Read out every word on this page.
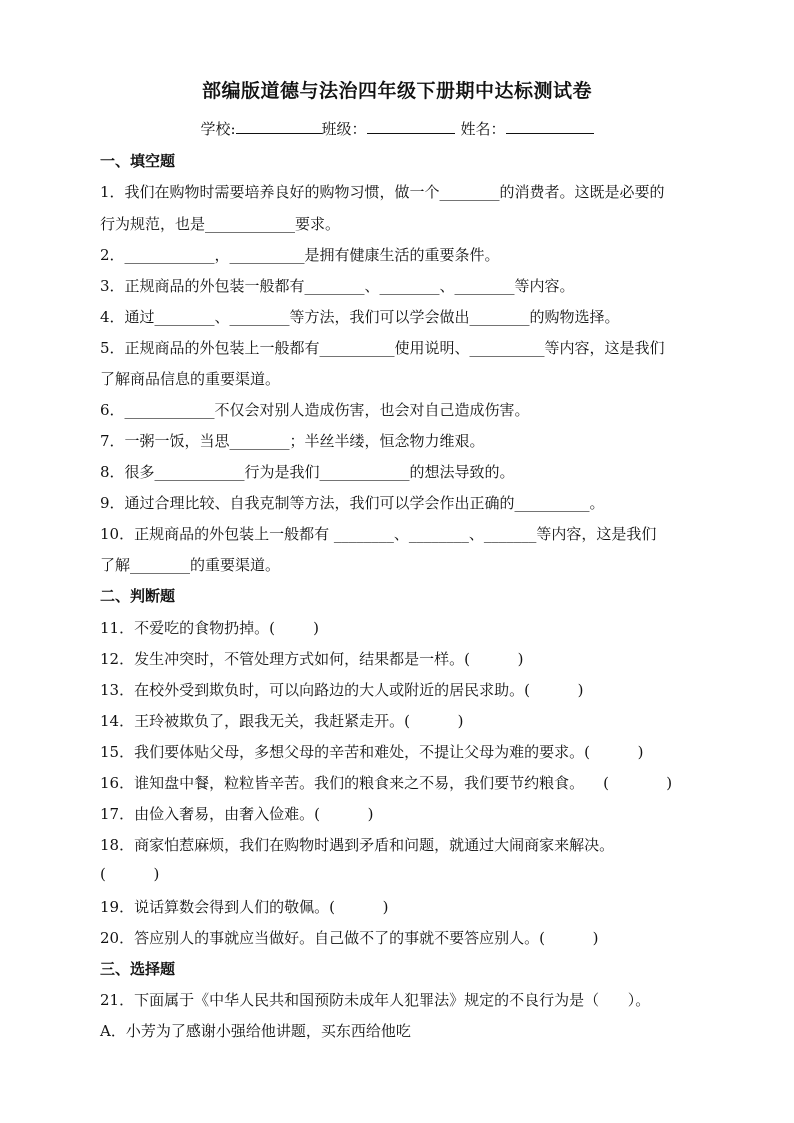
部编版道德与法治四年级下册期中达标测试卷
学校:	班级：	姓名：
一、填空题
1．我们在购物时需要培养良好的购物习惯，做一个________的消费者。这既是必要的
行为规范，也是____________要求。
2．____________，__________是拥有健康生活的重要条件。
3．正规商品的外包装一般都有________、________、________等内容。
4．通过________、________等方法，我们可以学会做出________的购物选择。
5．正规商品的外包装上一般都有__________使用说明、__________等内容，这是我们
了解商品信息的重要渠道。
6．____________不仅会对别人造成伤害，也会对自己造成伤害。
7．一粥一饭，当思________；半丝半缕，恒念物力维艰。
8．很多____________行为是我们____________的想法导致的。
9．通过合理比较、自我克制等方法，我们可以学会作出正确的__________。
10．正规商品的外包装上一般都有 ________、________、_______等内容，这是我们
了解________的重要渠道。
二、判断题
11．不爱吃的食物扔掉。(        )
12．发生冲突时，不管处理方式如何，结果都是一样。(          )
13．在校外受到欺负时，可以向路边的大人或附近的居民求助。(          )
14．王玲被欺负了，跟我无关，我赶紧走开。(          )
15．我们要体贴父母，多想父母的辛苦和难处，不提让父母为难的要求。(          )
16．谁知盘中餐，粒粒皆辛苦。我们的粮食来之不易，我们要节约粮食。    (            )
17．由俭入奢易，由奢入俭难。(          )
18．商家怕惹麻烦，我们在购物时遇到矛盾和问题，就通过大闹商家来解决。
(          )
19．说话算数会得到人们的敬佩。(          )
20．答应别人的事就应当做好。自己做不了的事就不要答应别人。(          )
三、选择题
21．下面属于《中华人民共和国预防未成年人犯罪法》规定的不良行为是（      ）。
A．小芳为了感谢小强给他讲题，买东西给他吃
